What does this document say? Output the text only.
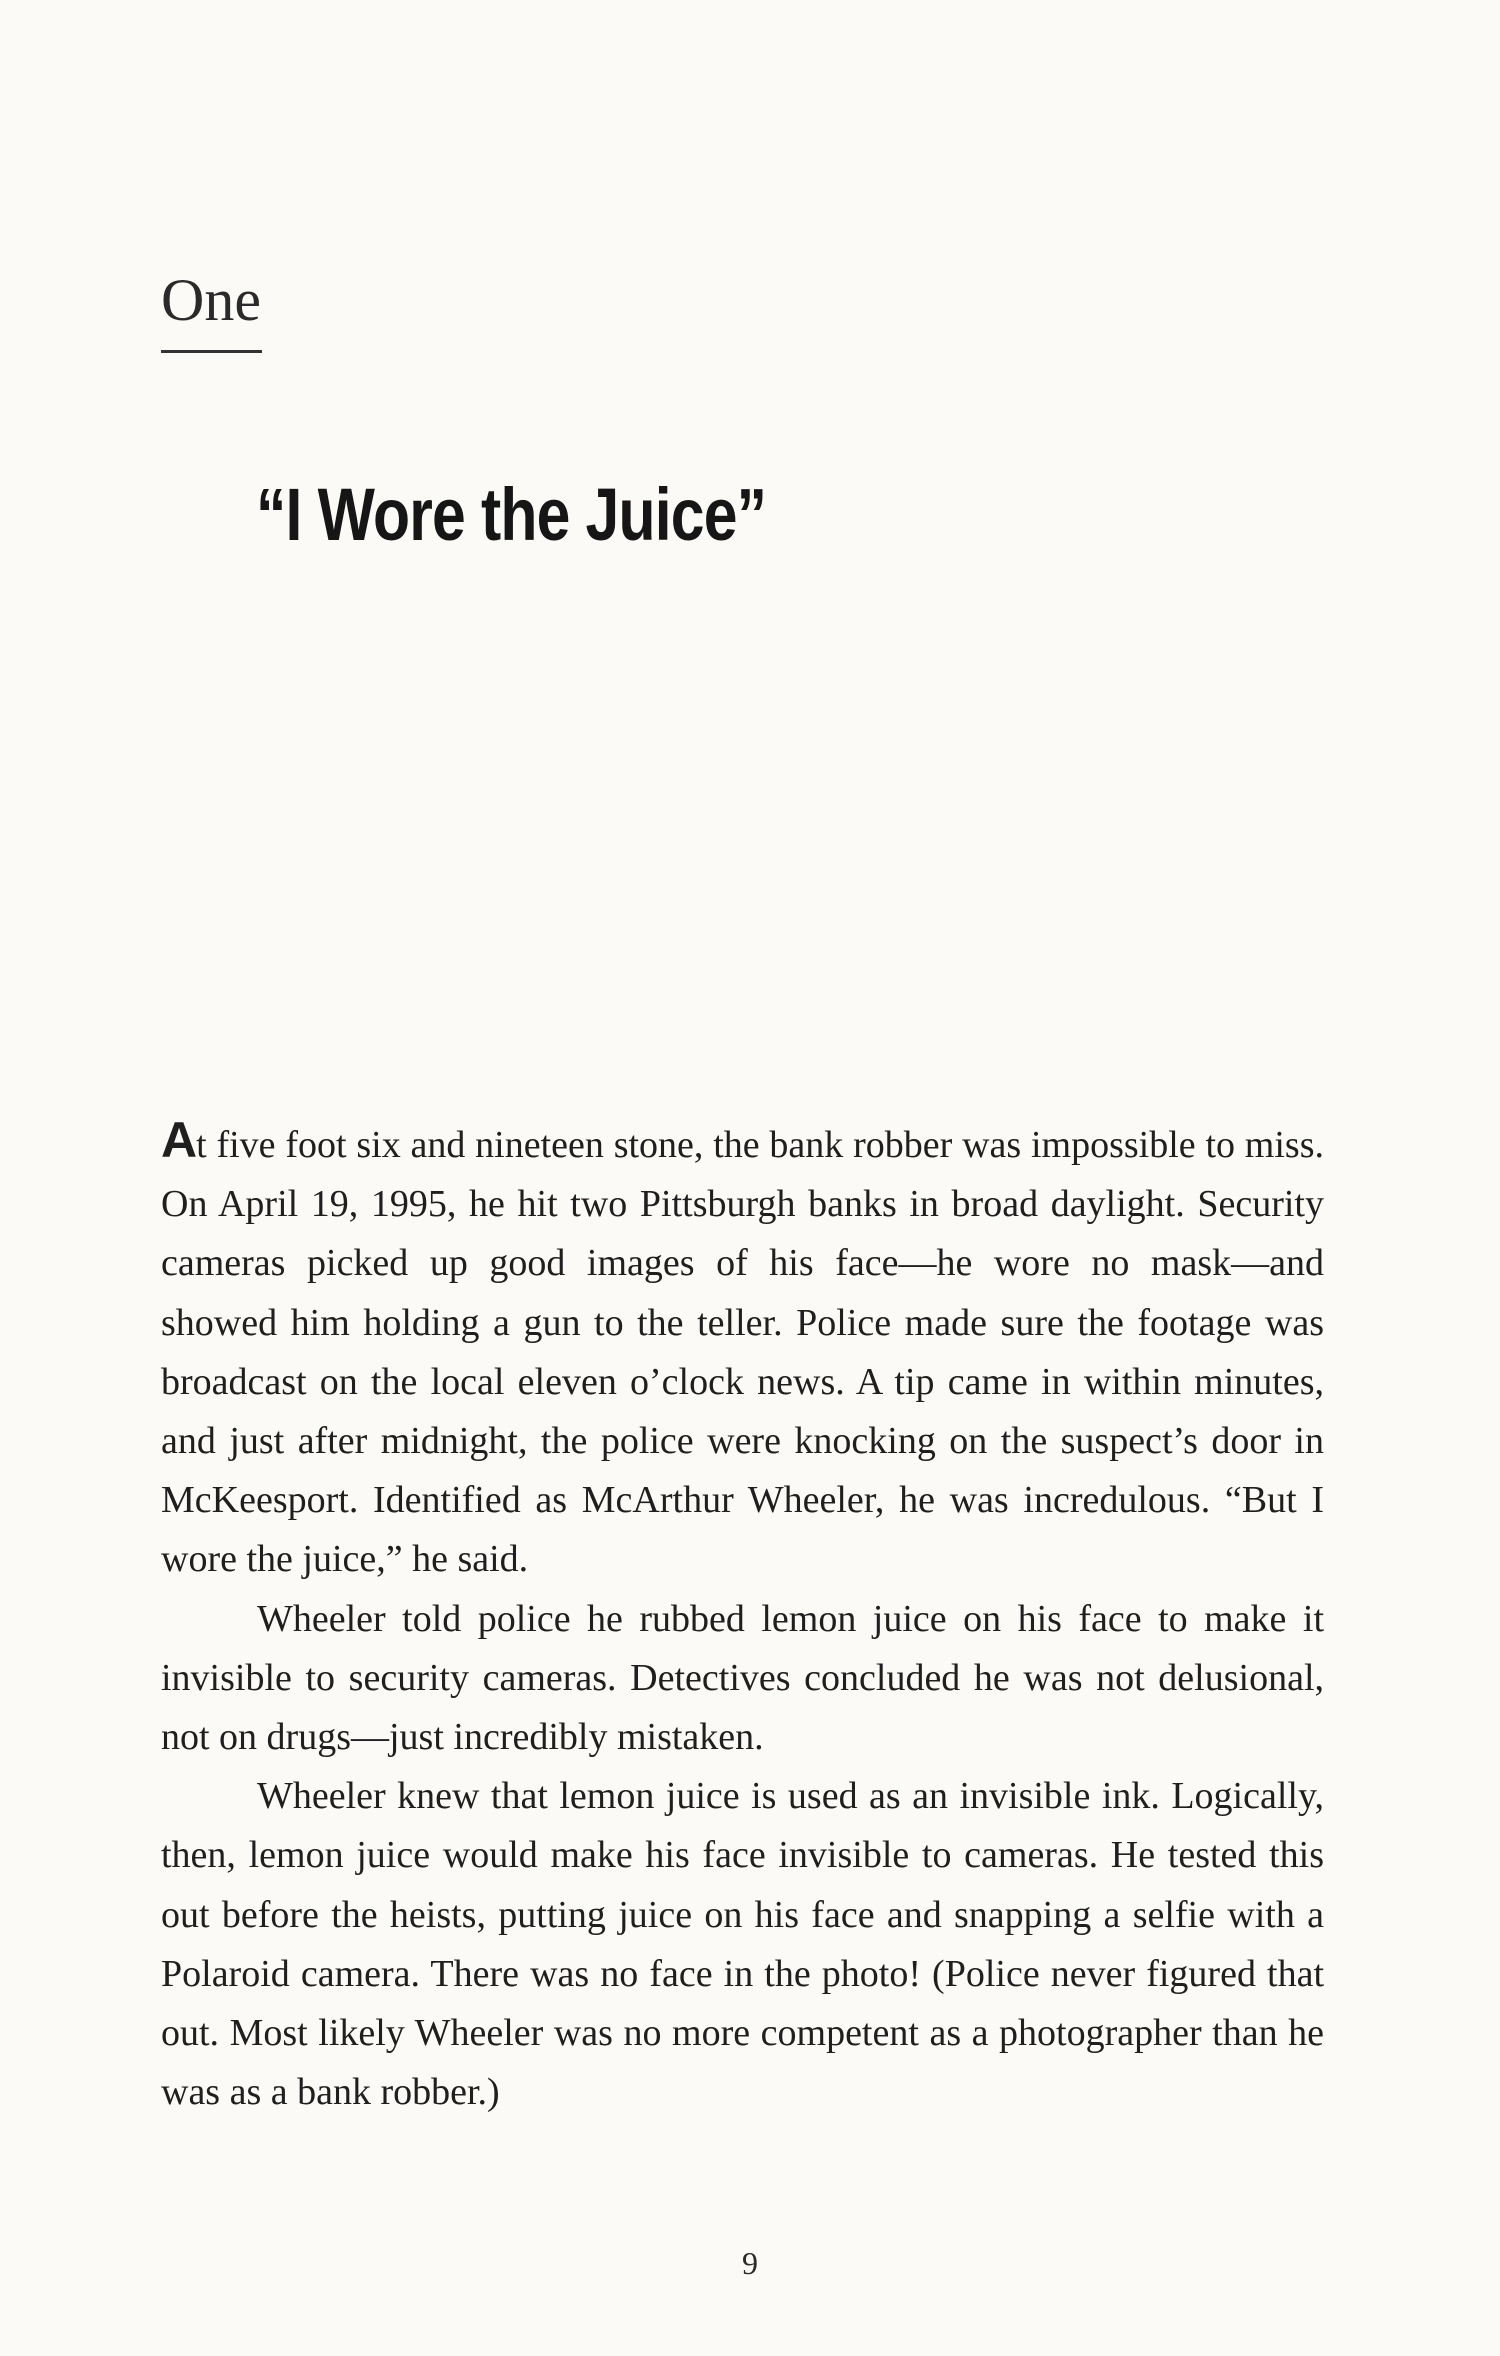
One
“I Wore the Juice”

At five foot six and nineteen stone, the bank robber was impossible to miss. On April 19, 1995, he hit two Pittsburgh banks in broad daylight. Security cameras picked up good images of his face—he wore no mask—and showed him holding a gun to the teller. Police made sure the footage was broadcast on the local eleven o’clock news. A tip came in within minutes, and just after midnight, the police were knocking on the suspect’s door in McKeesport. Identified as McArthur Wheeler, he was incredulous. “But I wore the juice,” he said.

Wheeler told police he rubbed lemon juice on his face to make it invisible to security cameras. Detectives concluded he was not delusional, not on drugs—just incredibly mistaken.

Wheeler knew that lemon juice is used as an invisible ink. Logically, then, lemon juice would make his face invisible to cameras. He tested this out before the heists, putting juice on his face and snapping a selfie with a Polaroid camera. There was no face in the photo! (Police never figured that out. Most likely Wheeler was no more competent as a photographer than he was as a bank robber.)

9
